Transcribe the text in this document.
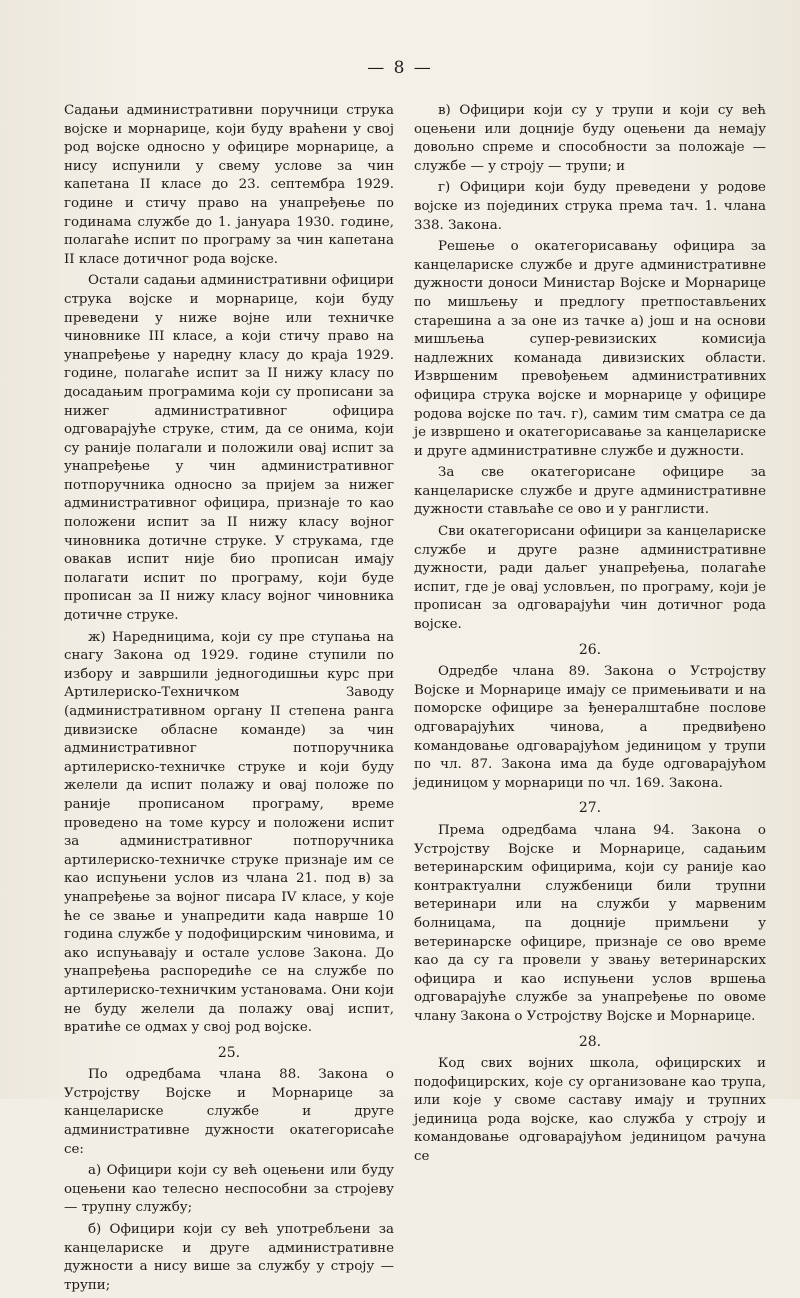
— 8 —

Садањи административни поручници струка војске и морнарице, који буду враћени у свој род војске односно у официре морнарице, а нису испунили у свему услове за чин капетана II класе до 23. септембра 1929. године и стичу право на унапређење по годинама службе до 1. јануара 1930. године, полагаће испит по програму за чин капетана II класе дотичног рода војске.

Остали садањи административни официри струка војске и морнарице, који буду преведени у ниже војне или техничке чиновнике III класе, а који стичу право на унапређење у наредну класу до краја 1929. године, полагаће испит за II нижу класу по досадањим програмима који су прописани за нижег административног официра одговарајуће струке, стим, да се онима, који су раније полагали и положили овај испит за унапређење у чин административног потпоручника односно за пријем за нижег административног официра, признаје то као положени испит за II нижу класу војног чиновника дотичне струке. У струкама, где овакав испит није био прописан имају полагати испит по програму, који буде прописан за II нижу класу војног чиновника дотичне струке.

ж) Наредницима, који су пре ступања на снагу Закона од 1929. године ступили по избору и завршили једногодишњи курс при Артилериско-Техничком Заводу (административном органу II степена ранга дивизиске обласне команде) за чин административног потпоручника артилериско-техничке струке и који буду желели да испит полажу и овај положе по раније прописаном програму, време проведено на томе курсу и положени испит за административног потпоручника артилериско-техничке струке признаје им се као испуњени услов из члана 21. под в) за унапређење за војног писара IV класе, у које ће се звање и унапредити када наврше 10 година службе у подофицирским чиновима, и ако испуњавају и остале услове Закона. До унапређења распоредиће се на службе по артилериско-техничким установама. Они који не буду желели да полажу овај испит, вратиће се одмах у свој род војске.

25.

По одредбама члана 88. Закона о Устројству Војске и Морнарице за канцелариске службе и друге административне дужности окатегорисаће се:

а) Официри који су већ оцењени или буду оцењени као телесно неспособни за стројеву — трупну службу;

б) Официри који су већ употребљени за канцелариске и друге административне дужности а нису више за службу у строју — трупи;

в) Официри који су у трупи и који су већ оцењени или доцније буду оцењени да немају довољно спреме и способности за положаје — службе — у строју — трупи; и

г) Официри који буду преведени у родове војске из појединих струка према тач. 1. члана 338. Закона.

Решење о окатегорисавању официра за канцелариске службе и друге административне дужности доноси Министар Војске и Морнарице по мишљењу и предлогу претпостављених старешина а за оне из тачке а) још и на основи мишљења супер-ревизиских комисија надлежних команада дивизиских области. Извршеним превођењем административних официра струка војске и морнарице у официре родова војске по тач. г), самим тим сматра се да је извршено и окатегорисавање за канцелариске и друге административне службе и дужности.

За све окатегорисане официре за канцелариске службе и друге административне дужности стављаће се ово и у ранглисти.

Сви окатегорисани официри за канцелариске службе и друге разне административне дужности, ради даљег унапређења, полагаће испит, где је овај условљен, по програму, који је прописан за одговарајући чин дотичног рода војске.

26.

Одредбе члана 89. Закона о Устројству Војске и Морнарице имају се примењивати и на поморске официре за ђенералштабне послове одговарајућих чинова, а предвиђено командовање одговарајућом јединицом у трупи по чл. 87. Закона има да буде одговарајућом јединицом у морнарици по чл. 169. Закона.

27.

Према одредбама члана 94. Закона о Устројству Војске и Морнарице, садањим ветеринарским официрима, који су раније као контрактуални службеници били трупни ветеринари или на служби у марвеним болницама, па доцније примљени у ветеринарске официре, признаје се ово време као да су га провели у звању ветеринарских официра и као испуњени услов вршења одговарајуће службе за унапређење по овоме члану Закона о Устројству Војске и Морнарице.

28.

Код свих војних школа, официрских и подофицирских, које су организоване као трупа, или које у своме саставу имају и трупних јединица рода војске, као служба у строју и командовање одговарајућом јединицом рачуна се
